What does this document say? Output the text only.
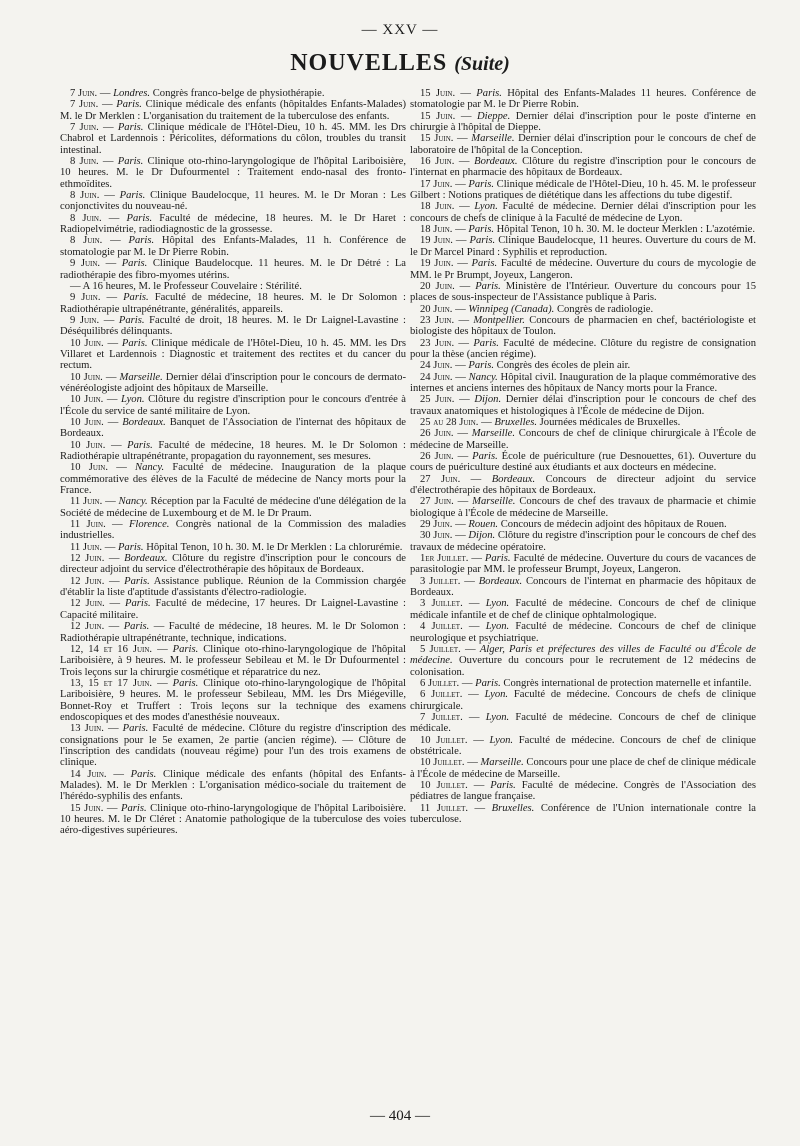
— XXV —
NOUVELLES (Suite)

7 Juin. — Londres. Congrès franco-belge de physiothérapie.

7 Juin. — Paris. Clinique médicale des enfants (hôpitaldes Enfants-Malades) M. le Dr Merklen : L'organisation du traitement de la tuberculose des enfants.

7 Juin. — Paris. Clinique médicale de l'Hôtel-Dieu, 10 h. 45. MM. les Drs Chabrol et Lardennois : Péricolites, déformations du côlon, troubles du transit intestinal.

8 Juin. — Paris. Clinique oto-rhino-laryngologique de l'hôpital Lariboisière, 10 heures. M. le Dr Dufourmentel : Traitement endo-nasal des fronto-ethmoïdites.

8 Juin. — Paris. Clinique Baudelocque, 11 heures. M. le Dr Moran : Les conjonctivites du nouveau-né.

8 Juin. — Paris. Faculté de médecine, 18 heures. M. le Dr Haret : Radiopelvimétrie, radiodiagnostic de la grossesse.

8 Juin. — Paris. Hôpital des Enfants-Malades, 11 h. Conférence de stomatologie par M. le Dr Pierre Robin.

9 Juin. — Paris. Clinique Baudelocque. 11 heures. M. le Dr Détré : La radiothérapie des fibro-myomes utérins.

— A 16 heures, M. le Professeur Couvelaire : Stérilité.

9 Juin. — Paris. Faculté de médecine, 18 heures. M. le Dr Solomon : Radiothérapie ultrapénétrante, généralités, appareils.

9 Juin. — Paris. Faculté de droit, 18 heures. M. le Dr Laignel-Lavastine : Déséquilibrés délinquants.

10 Juin. — Paris. Clinique médicale de l'Hôtel-Dieu, 10 h. 45. MM. les Drs Villaret et Lardennois : Diagnostic et traitement des rectites et du cancer du rectum.

10 Juin. — Marseille. Dernier délai d'inscription pour le concours de dermato-vénéréologiste adjoint des hôpitaux de Marseille.

10 Juin. — Lyon. Clôture du registre d'inscription pour le concours d'entrée à l'École du service de santé militaire de Lyon.

10 Juin. — Bordeaux. Banquet de l'Association de l'internat des hôpitaux de Bordeaux.

10 Juin. — Paris. Faculté de médecine, 18 heures. M. le Dr Solomon : Radiothérapie ultrapénétrante, propagation du rayonnement, ses mesures.

10 Juin. — Nancy. Faculté de médecine. Inauguration de la plaque commémorative des élèves de la Faculté de médecine de Nancy morts pour la France.

11 Juin. — Nancy. Réception par la Faculté de médecine d'une délégation de la Société de médecine de Luxembourg et de M. le Dr Praum.

11 Juin. — Florence. Congrès national de la Commission des maladies industrielles.

11 Juin. — Paris. Hôpital Tenon, 10 h. 30. M. le Dr Merklen : La chlorurémie.

12 Juin. — Bordeaux. Clôture du registre d'inscription pour le concours de directeur adjoint du service d'électrothérapie des hôpitaux de Bordeaux.

12 Juin. — Paris. Assistance publique. Réunion de la Commission chargée d'établir la liste d'aptitude d'assistants d'électro-radiologie.

12 Juin. — Paris. Faculté de médecine, 17 heures. Dr Laignel-Lavastine : Capacité militaire.

12 Juin. — Paris. — Faculté de médecine, 18 heures. M. le Dr Solomon : Radiothérapie ultrapénétrante, technique, indications.

12, 14 et 16 Juin. — Paris. Clinique oto-rhino-laryngologique de l'hôpital Lariboisière, à 9 heures. M. le professeur Sebileau et M. le Dr Dufourmentel : Trois leçons sur la chirurgie cosmétique et réparatrice du nez.

13, 15 et 17 Juin. — Paris. Clinique oto-rhino-laryngologique de l'hôpital Lariboisière, 9 heures. M. le professeur Sebileau, MM. les Drs Miégeville, Bonnet-Roy et Truffert : Trois leçons sur la technique des examens endoscopiques et des modes d'anesthésie nouveaux.

13 Juin. — Paris. Faculté de médecine. Clôture du registre d'inscription des consignations pour le 5e examen, 2e partie (ancien régime). — Clôture de l'inscription des candidats (nouveau régime) pour l'un des trois examens de clinique.

14 Juin. — Paris. Clinique médicale des enfants (hôpital des Enfants-Malades). M. le Dr Merklen : L'organisation médico-sociale du traitement de l'hérédo-syphilis des enfants.

15 Juin. — Paris. Clinique oto-rhino-laryngologique de l'hôpital Lariboisière. 10 heures. M. le Dr Cléret : Anatomie pathologique de la tuberculose des voies aéro-digestives supérieures.

15 Juin. — Paris. Hôpital des Enfants-Malades 11 heures. Conférence de stomatologie par M. le Dr Pierre Robin.

15 Juin. — Dieppe. Dernier délai d'inscription pour le poste d'interne en chirurgie à l'hôpital de Dieppe.

15 Juin. — Marseille. Dernier délai d'inscription pour le concours de chef de laboratoire de l'hôpital de la Conception.

16 Juin. — Bordeaux. Clôture du registre d'inscription pour le concours de l'internat en pharmacie des hôpitaux de Bordeaux.

17 Juin. — Paris. Clinique médicale de l'Hôtel-Dieu, 10 h. 45. M. le professeur Gilbert : Notions pratiques de diététique dans les affections du tube digestif.

18 Juin. — Lyon. Faculté de médecine. Dernier délai d'inscription pour les concours de chefs de clinique à la Faculté de médecine de Lyon.

18 Juin. — Paris. Hôpital Tenon, 10 h. 30. M. le docteur Merklen : L'azotémie.

19 Juin. — Paris. Clinique Baudelocque, 11 heures. Ouverture du cours de M. le Dr Marcel Pinard : Syphilis et reproduction.

19 Juin. — Paris. Faculté de médecine. Ouverture du cours de mycologie de MM. le Pr Brumpt, Joyeux, Langeron.

20 Juin. — Paris. Ministère de l'Intérieur. Ouverture du concours pour 15 places de sous-inspecteur de l'Assistance publique à Paris.

20 Juin. — Winnipeg (Canada). Congrès de radiologie.

23 Juin. — Montpellier. Concours de pharmacien en chef, bactériologiste et biologiste des hôpitaux de Toulon.

23 Juin. — Paris. Faculté de médecine. Clôture du registre de consignation pour la thèse (ancien régime).

24 Juin. — Paris. Congrès des écoles de plein air.

24 Juin. — Nancy. Hôpital civil. Inauguration de la plaque commémorative des internes et anciens internes des hôpitaux de Nancy morts pour la France.

25 Juin. — Dijon. Dernier délai d'inscription pour le concours de chef des travaux anatomiques et histologiques à l'École de médecine de Dijon.

25 au 28 Juin. — Bruxelles. Journées médicales de Bruxelles.

26 Juin. — Marseille. Concours de chef de clinique chirurgicale à l'École de médecine de Marseille.

26 Juin. — Paris. École de puériculture (rue Desnouettes, 61). Ouverture du cours de puériculture destiné aux étudiants et aux docteurs en médecine.

27 Juin. — Bordeaux. Concours de directeur adjoint du service d'électrothérapie des hôpitaux de Bordeaux.

27 Juin. — Marseille. Concours de chef des travaux de pharmacie et chimie biologique à l'École de médecine de Marseille.

29 Juin. — Rouen. Concours de médecin adjoint des hôpitaux de Rouen.

30 Juin. — Dijon. Clôture du registre d'inscription pour le concours de chef des travaux de médecine opératoire.

1er Juillet. — Paris. Faculté de médecine. Ouverture du cours de vacances de parasitologie par MM. le professeur Brumpt, Joyeux, Langeron.

3 Juillet. — Bordeaux. Concours de l'internat en pharmacie des hôpitaux de Bordeaux.

3 Juillet. — Lyon. Faculté de médecine. Concours de chef de clinique médicale infantile et de chef de clinique ophtalmologique.

4 Juillet. — Lyon. Faculté de médecine. Concours de chef de clinique neurologique et psychiatrique.

5 Juillet. — Alger, Paris et préfectures des villes de Faculté ou d'École de médecine. Ouverture du concours pour le recrutement de 12 médecins de colonisation.

6 Juillet. — Paris. Congrès international de protection maternelle et infantile.

6 Juillet. — Lyon. Faculté de médecine. Concours de chefs de clinique chirurgicale.

7 Juillet. — Lyon. Faculté de médecine. Concours de chef de clinique médicale.

10 Juillet. — Lyon. Faculté de médecine. Concours de chef de clinique obstétricale.

10 Juillet. — Marseille. Concours pour une place de chef de clinique médicale à l'École de médecine de Marseille.

10 Juillet. — Paris. Faculté de médecine. Congrès de l'Association des pédiatres de langue française.

11 Juillet. — Bruxelles. Conférence de l'Union internationale contre la tuberculose.

— 404 —
